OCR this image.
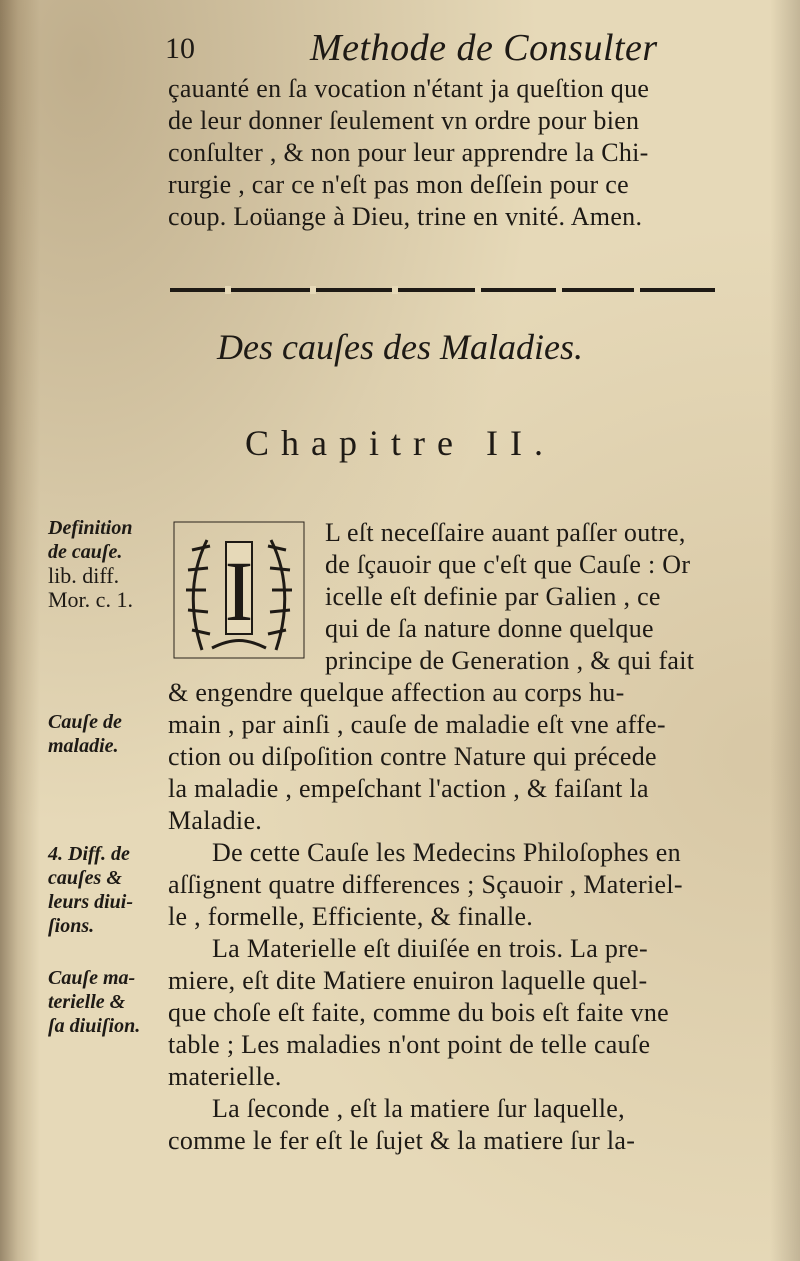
10	Methode de Consulter
çauanté en ſa vocation n'étant ja queſtion que
de leur donner ſeulement vn ordre pour bien
conſulter , & non pour leur apprendre la Chi-
rurgie , car ce n'eſt pas mon deſſein pour ce
coup. Loüange à Dieu, trine en vnité. Amen.
Des cauſes des Maladies.
Chapitre II.
Definition
de cauſe.
lib. diff.
Mor. c. 1.
Cauſe de
maladie.
4. Diff. de
cauſes &
leurs diui-
ſions.
Cauſe ma-
terielle &
ſa diuiſion.
I
L eſt neceſſaire auant paſſer outre,
de ſçauoir que c'eſt que Cauſe : Or
icelle eſt definie par Galien , ce
qui de ſa nature donne quelque
principe de Generation , & qui fait
& engendre quelque affection au corps hu-
main , par ainſi , cauſe de maladie eſt vne affe-
ction ou diſpoſition contre Nature qui précede
la maladie , empeſchant l'action , & faiſant la
Maladie.
De cette Cauſe les Medecins Philoſophes en
aſſignent quatre differences ; Sçauoir , Materiel-
le , formelle, Efficiente, & finalle.
La Materielle eſt diuiſée en trois. La pre-
miere, eſt dite Matiere enuiron laquelle quel-
que choſe eſt faite, comme du bois eſt faite vne
table ; Les maladies n'ont point de telle cauſe
materielle.
La ſeconde , eſt la matiere ſur laquelle,
comme le fer eſt le ſujet & la matiere ſur la-
